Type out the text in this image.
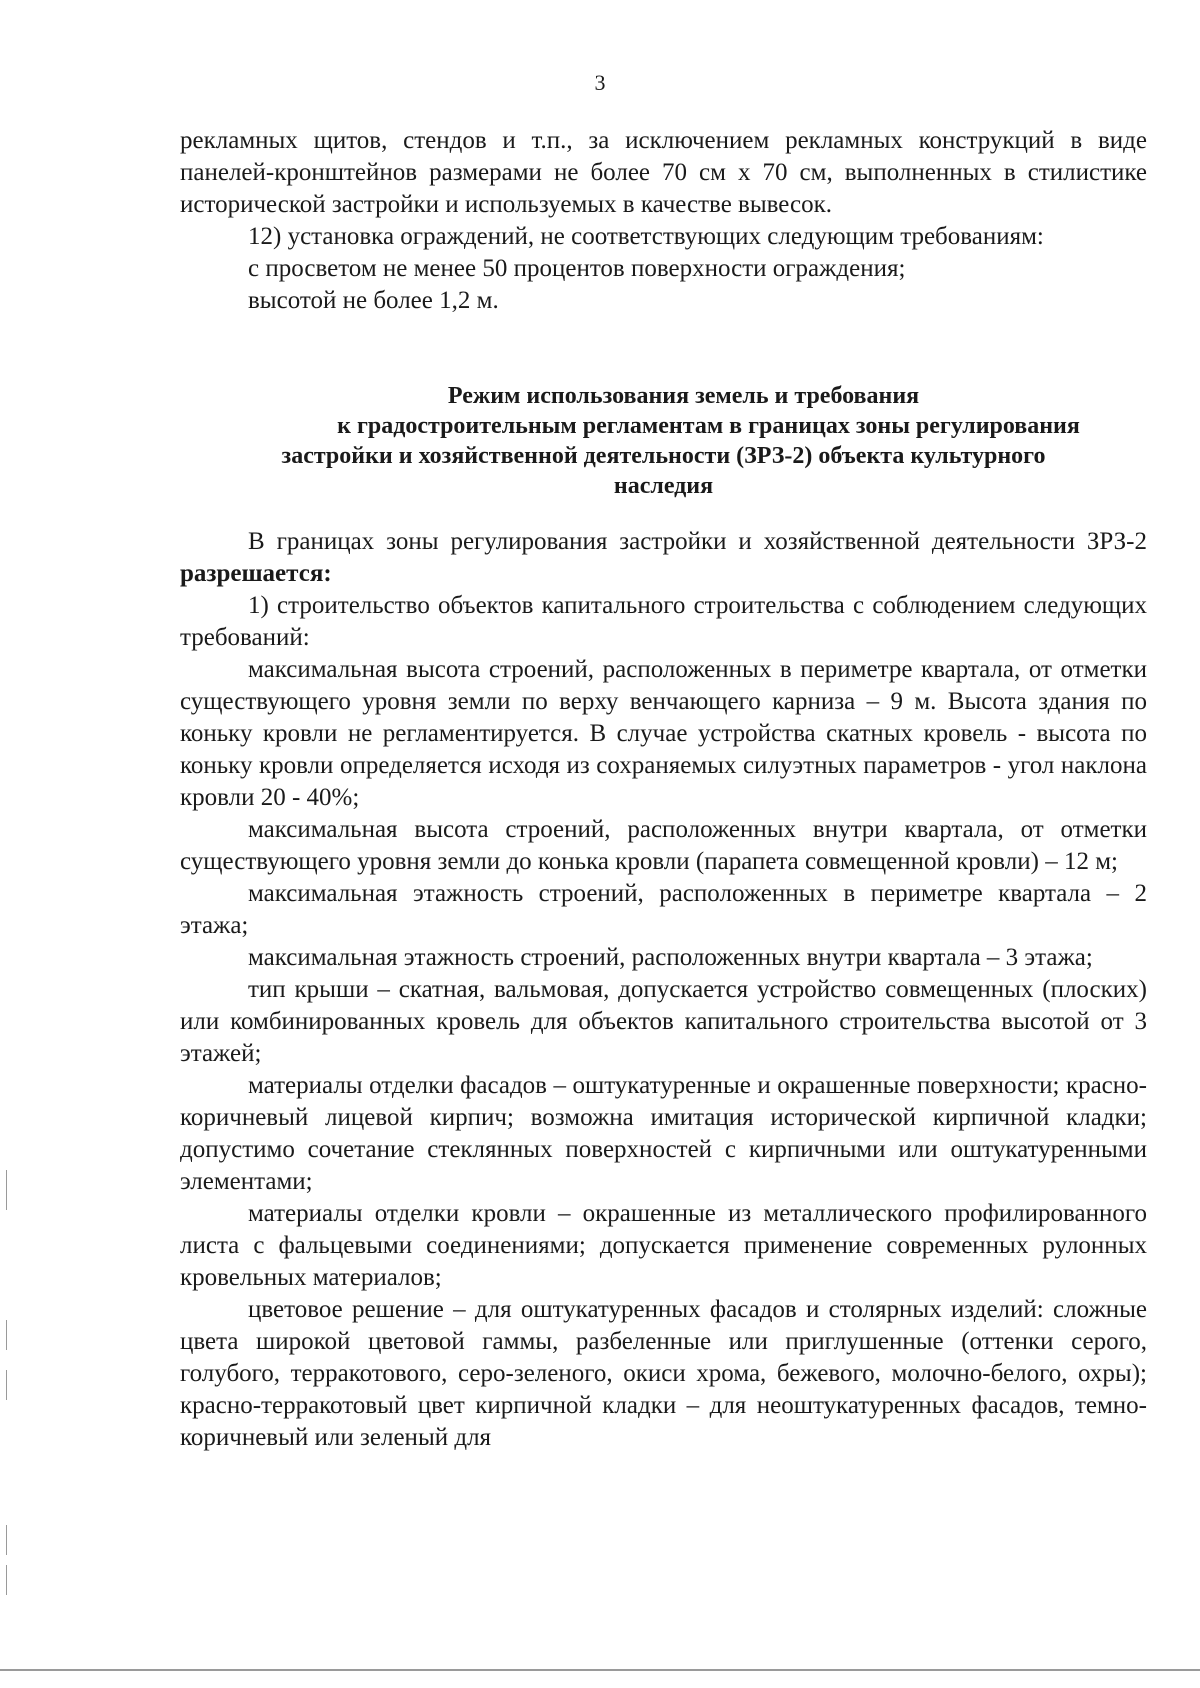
3

рекламных щитов, стендов и т.п., за исключением рекламных конструкций в виде панелей-кронштейнов размерами не более 70 см х 70 см, выполненных в стилистике исторической застройки и используемых в качестве вывесок.

12) установка ограждений, не соответствующих следующим требованиям:

с просветом не менее 50 процентов поверхности ограждения;

высотой не более 1,2 м.

Режим использования земель и требования
к градостроительным регламентам в границах зоны регулирования
застройки и хозяйственной деятельности (ЗРЗ-2) объекта культурного
наследия

В границах зоны регулирования застройки и хозяйственной деятельности ЗРЗ-2 разрешается:

1) строительство объектов капитального строительства с соблюдением следующих требований:

максимальная высота строений, расположенных в периметре квартала, от отметки существующего уровня земли по верху венчающего карниза – 9 м. Высота здания по коньку кровли не регламентируется. В случае устройства скатных кровель - высота по коньку кровли определяется исходя из сохраняемых силуэтных параметров - угол наклона кровли 20 - 40%;

максимальная высота строений, расположенных внутри квартала, от отметки существующего уровня земли до конька кровли (парапета совмещенной кровли) – 12 м;

максимальная этажность строений, расположенных в периметре квартала – 2 этажа;

максимальная этажность строений, расположенных внутри квартала – 3 этажа;

тип крыши – скатная, вальмовая, допускается устройство совмещенных (плоских) или комбинированных кровель для объектов капитального строительства высотой от 3 этажей;

материалы отделки фасадов – оштукатуренные и окрашенные поверхности; красно-коричневый лицевой кирпич; возможна имитация исторической кирпичной кладки; допустимо сочетание стеклянных поверхностей с кирпичными или оштукатуренными элементами;

материалы отделки кровли – окрашенные из металлического профилированного листа с фальцевыми соединениями; допускается применение современных рулонных кровельных материалов;

цветовое решение – для оштукатуренных фасадов и столярных изделий: сложные цвета широкой цветовой гаммы, разбеленные или приглушенные (оттенки серого, голубого, терракотового, серо-зеленого, окиси хрома, бежевого, молочно-белого, охры); красно-терракотовый цвет кирпичной кладки – для неоштукатуренных фасадов, темно-коричневый или зеленый для
